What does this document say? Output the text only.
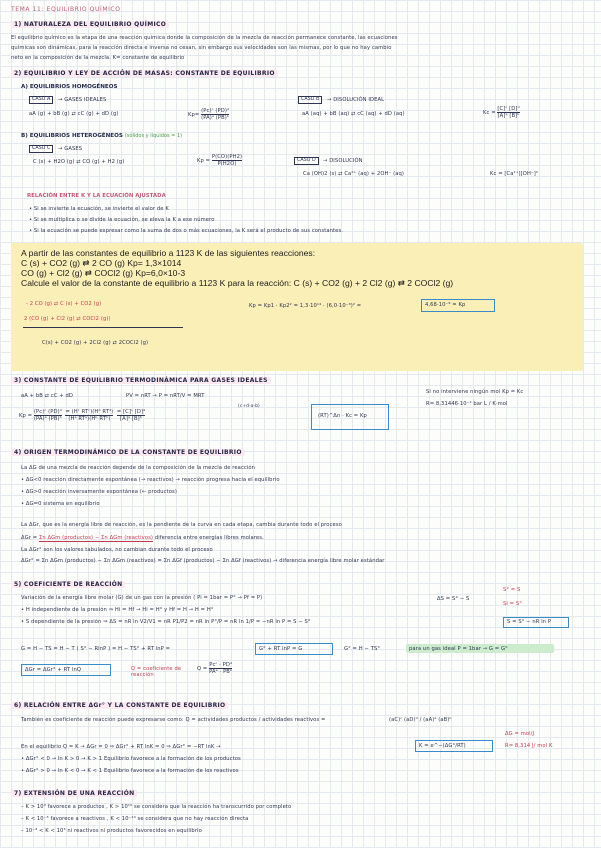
TEMA 11: EQUILIBRIO QUÍMICO
1) NATURALEZA DEL EQUILIBRIO QUÍMICO
El equilibrio químico es la etapa de una reacción química donde la composición de la mezcla de reacción permanece constante, las ecuaciones
químicas son dinámicas, para la reacción directa e inversa no cesan, sin embargo sus velocidades son las mismas, por lo que no hay cambio
neto en la composición de la mezcla. K= constante de equilibrio
2) EQUILIBRIO Y LEY DE ACCIÓN DE MASAS: CONSTANTE DE EQUILIBRIO
A) EQUILIBRIOS HOMOGÉNEOS
CASO A	→ GASES IDEALES
aA (g) + bB (g) ⇄ cC (g) + dD (g)	$Kp= \frac{\text{(Pc)ᶜ (PD)ᵈ}}{\text{(PA)ᵃ (PB)ᵇ}}$
CASO B	→ DISOLUCIÓN IDEAL
aA (aq) + bB (aq) ⇄ cC (aq) + dD (aq)	$Kc = \frac{\text{[C]ᶜ [D]ᵈ}}{\text{[A]ᵃ [B]ᵇ}}$
B) EQUILIBRIOS HETEROGÉNEOS (sólidos y líquidos = 1)
CASO C	→ GASES
C (s) + H2O (g) ⇄ CO (g) + H2 (g)	$Kp = \frac{P(CO)(PH2)}{P(H2O)}$	CASO D	→ DISOLUCIÓN
Ca (OH)2 (s) ⇄ Ca²⁺ (aq) + 2OH⁻ (aq)	Kc = [Ca²⁺][OH⁻]²
RELACIÓN ENTRE K Y LA ECUACIÓN AJUSTADA
• Si se invierte la ecuación, se invierte el valor de K
• Si se multiplica o se divide la ecuación, se eleva la K a ese número
• Si la ecuación se puede expresar como la suma de dos o más ecuaciones, la K será el producto de sus constantes.
A partir de las constantes de equilibrio a 1123 K de las siguientes reacciones:
C (s) + CO2 (g) ⇄ 2 CO (g) Kp= 1,3×1014
CO (g) + Cl2 (g) ⇄ COCl2 (g) Kp=6,0×10-3
Calcule el valor de la constante de equilibrio a 1123 K para la reacción: C (s) + CO2 (g) + 2 Cl2 (g) ⇄ 2 COCl2 (g)
- 2 CO (g) ⇄ C (s) + CO2 (g)
2 (CO (g) + Cl2 (g) ⇄ COCl2 (g))
C(s) + CO2 (g) + 2Cl2 (g) ⇄ 2COCl2 (g)
Kp = Kp1 · Kp2² = 1,3·10¹⁴ · (6,0·10⁻³)² =	4,68·10⁻⁹ = Kp
3) CONSTANTE DE EQUILIBRIO TERMODINÁMICA PARA GASES IDEALES
aA + bB ⇄ cC + dD	PV = nRT → P = nRT/V = MRT
(c+d-a-b)
$Kp = \frac{\text{(Pc)ᶜ (PD)ᵈ}}{\text{(PA)ᵃ (PB)ᵇ}}$
= (Hᶜ RTᶜ)(Hᵈ RTᵈ)
(Hᵃ RTᵃ)(Hᵇ RTᵇ)
	$\frac{\text{= [C]ᶜ [D]ᵈ}}{\text{[A]ᵃ [B]ᵇ}}$	(RT)^Δn · Kc = Kp
Si no interviene ningún mol Kp = Kc
R= 8,31446·10⁻² bar L / K·mol
4) ORIGEN TERMODINÁMICO DE LA CONSTANTE DE EQUILIBRIO
La ΔG de una mezcla de reacción depende de la composición de la mezcla de reacción
• ΔG<0 reacción directamente espontánea (→ reactivos) → reacción progresa hacia el equilibrio
• ΔG>0 reacción inversamente espontánea (← productos)
• ΔG=0 sistema en equilibrio
La ΔGr, que es la energía libre de reacción, es la pendiente de la curva en cada etapa, cambia durante todo el proceso
ΔGr = Σn ΔGm (productos) − Σn ΔGm (reactivos) diferencia entre energías libres molares.
La ΔGr° son los valores tabulados, no cambian durante todo el proceso
ΔGr° = Σn ΔGm (productos) − Σn ΔGm (reactivos) = Σn ΔGf (productos) − Σn ΔGf (reactivos) → diferencia energía libre molar estándar
5) COEFICIENTE DE REACCIÓN
Variación de la energía libre molar (G) de un gas con la presión ( Pi = 1bar = P° → Pf = P)
• H independiente de la presión ⇒ Hi = Hf → Hi = H° y Hf = H → H = H°
• S dependiente de la presión ⇒ ΔS = nR ln V2/V1 = nR P1/P2 = nR ln P°/P = nR ln 1/P = −nR ln P = S − S°
ΔS = S° − S
S° = S
Si = S°
S = S° − nR ln P
G = H − TS = H − T ( S° − RlnP ) = H − TS° + RT lnP =	G° + RT lnP = G	G° = H − TS°	para un gas ideal P = 1bar → G = G°
ΔGr = ΔGr° + RT lnQ	Q = coeficiente de reacción
Q =
Pcᶜ · PDᵈ
PAᵃ · PBᵇ
6) RELACIÓN ENTRE ΔGr° Y LA CONSTANTE DE EQUILIBRIO
También es coeficiente de reacción puede expresarse como: Q = actividades productos / actividades reactivos =	(aC)ᶜ (aD)ᵈ / (aA)ᵃ (aB)ᵇ
En el equilibrio Q = K → ΔGr = 0 ⇒ ΔGr° + RT lnK = 0 ⇒ ΔGr° = −RT lnK →	K = e^−(ΔG°/RT)
ΔG = mol/J
R= 8,314 J/ mol K
• ΔGr° < 0 → ln K > 0 → K > 1 Equilibrio favorece a la formación de los productos
• ΔGr° > 0 → ln K < 0 → K < 1 Equilibrio favorece a la formación de los reactivos
7) EXTENSIÓN DE UNA REACCIÓN
– K > 10³ favorece a productos , K > 10¹⁰ se considera que la reacción ha transcurrido por completo
– K < 10⁻³ favorece a reactivos , K < 10⁻¹⁰ se considera que no hay reacción directa
– 10⁻³ < K < 10³ ni reactivos ni productos favorecidos en equilibrio
